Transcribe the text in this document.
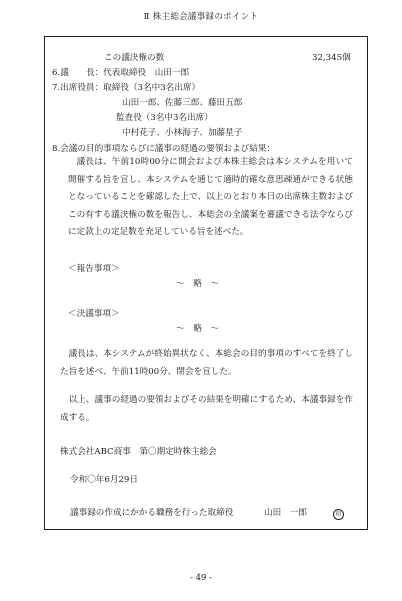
Ⅱ 株主総会議事録のポイント
この議決権の数	32,345個
6.議　　長：代表取締役　山田一郎
7.出席役員：取締役（3名中3名出席）
山田一郎、佐藤三郎、藤田五郎
監査役（3名中3名出席）
中村花子、小林海子、加藤星子
8.会議の目的事項ならびに議事の経過の要領および結果：
議長は、午前10時00分に開会および本株主総会は本システムを用いて開催する旨を宣し、本システムを通じて適時的確な意思疎通ができる状態となっていることを確認した上で、以上のとおり本日の出席株主数およびこの有する議決権の数を報告し、本総会の全議案を審議できる法令ならびに定款上の定足数を充足している旨を述べた。
＜報告事項＞
〜　略　〜
＜決議事項＞
〜　略　〜
議長は、本システムが終始異状なく、本総会の目的事項のすべてを終了した旨を述べ、午前11時00分、閉会を宣した。
以上、議事の経過の要領およびその結果を明確にするため、本議事録を作成する。
株式会社ABC商事　第〇期定時株主総会
令和〇年6月29日
議事録の作成にかかる職務を行った取締役	山田　一郎	印
- 49 -
